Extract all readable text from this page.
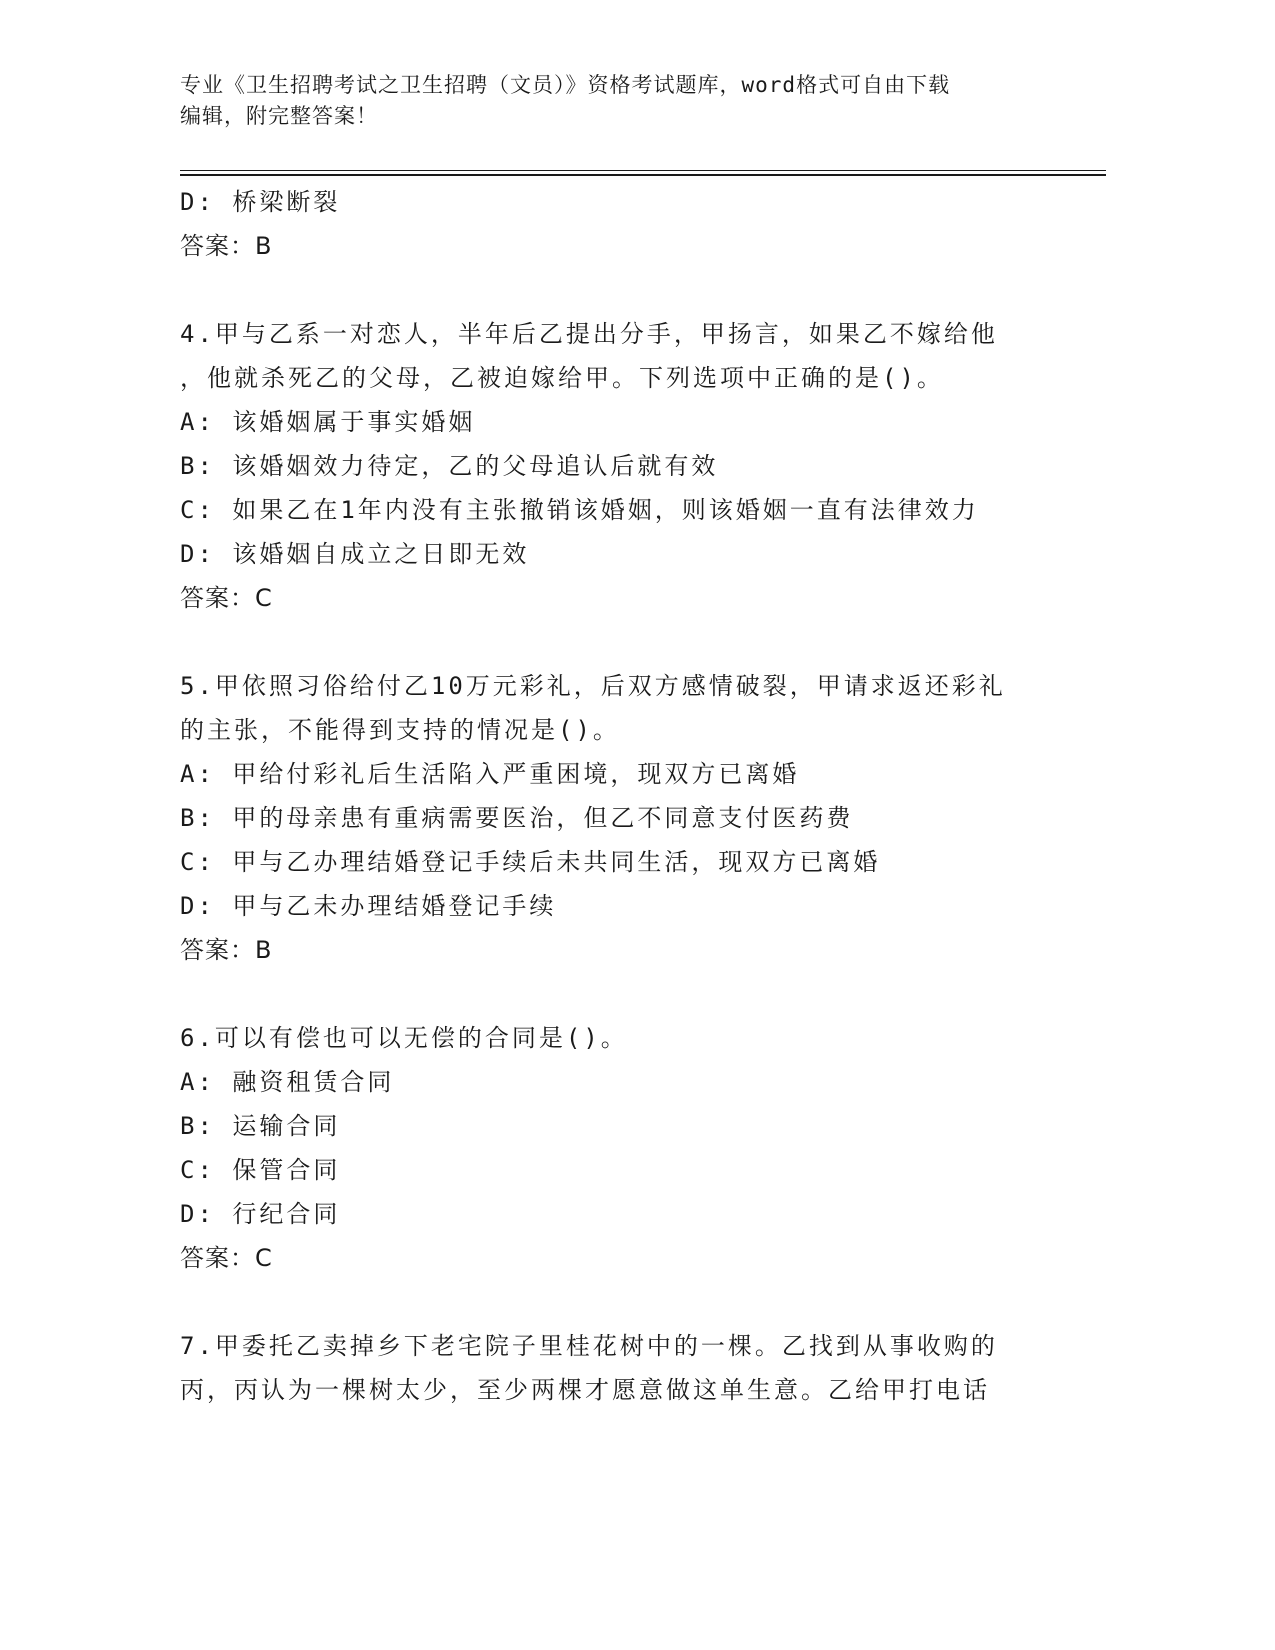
专业《卫生招聘考试之卫生招聘（文员）》资格考试题库，word格式可自由下载
编辑，附完整答案！
D: 桥梁断裂
答案：B
4.甲与乙系一对恋人，半年后乙提出分手，甲扬言，如果乙不嫁给他
，他就杀死乙的父母，乙被迫嫁给甲。下列选项中正确的是()。
A: 该婚姻属于事实婚姻
B: 该婚姻效力待定，乙的父母追认后就有效
C: 如果乙在1年内没有主张撤销该婚姻，则该婚姻一直有法律效力
D: 该婚姻自成立之日即无效
答案：C
5.甲依照习俗给付乙10万元彩礼，后双方感情破裂，甲请求返还彩礼
的主张，不能得到支持的情况是()。
A: 甲给付彩礼后生活陷入严重困境，现双方已离婚
B: 甲的母亲患有重病需要医治，但乙不同意支付医药费
C: 甲与乙办理结婚登记手续后未共同生活，现双方已离婚
D: 甲与乙未办理结婚登记手续
答案：B
6.可以有偿也可以无偿的合同是()。
A: 融资租赁合同
B: 运输合同
C: 保管合同
D: 行纪合同
答案：C
7.甲委托乙卖掉乡下老宅院子里桂花树中的一棵。乙找到从事收购的
丙，丙认为一棵树太少，至少两棵才愿意做这单生意。乙给甲打电话
